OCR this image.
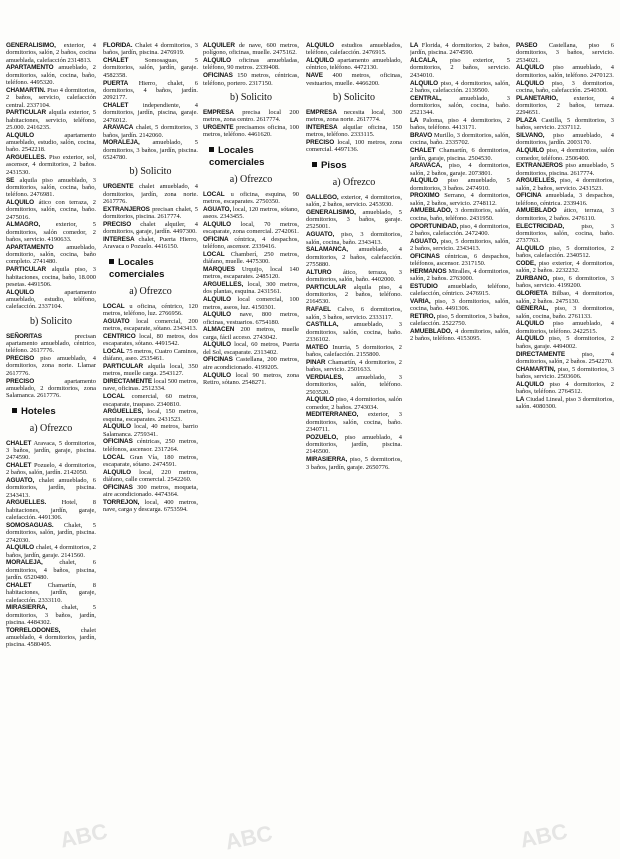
GENERALISIMO, exterior, 4 dormitorios, salón, 2 baños, cocina amueblada, calefacción 2314813.

APARTAMENTO amueblado, 2 dormitorios, salón, cocina, baño, teléfono. 4495320.

CHAMARTIN. Piso 4 dormitorios, 2 baños, servicio, calefacción central. 2337104.

PARTICULAR alquila exterior, 5 habitaciones, servicio, teléfono, 25.000. 2416235.

ALQUILO	apartamento amueblado, estudio, salón, cocina, baño. 2542218.

ARGUELLES. Piso exterior, sol, ascensor, 4 dormitorios, 2 baños. 2431530.

SE alquila piso amueblado, 3 dormitorios, salón, cocina, baño, teléfono. 2476981.

ALQUILO ático con terraza, 2 dormitorios, salón, cocina, baño. 2475016.

ALMAGRO, exterior, 5 dormitorios, salón comedor, 2 baños, servicio. 4190633.

APARTAMENTO amueblado, dormitorio, salón, cocina, baño completo. 2741480.

PARTICULAR alquila piso, 3 habitaciones, cocina, baño, 18.000 pesetas. 4491506.

ALQUILO	apartamento amueblado, estudio, teléfono, calefacción. 2337104.

b) Solicito

SEÑORITAS	precisan apartamento amueblado, céntrico, teléfono. 2617776.

PRECISO piso amueblado, 4 dormitorios, zona norte. Llamar 2617776.

PRECISO	apartamento amueblado, 2 dormitorios, zona Salamanca. 2617776.

Hoteles
a) Ofrezco

CHALET Aravaca, 5 dormitorios, 3 baños, jardín, garaje, piscina. 2474590.

CHALET Pozuelo, 4 dormitorios, 2 baños, salón, jardín. 2142050.

AGUATO, chalet amueblado, 6 dormitorios, jardín, piscina. 2343413.

ARGUELLES. Hotel, 8 habitaciones, jardín, garaje, calefacción. 4491306.

SOMOSAGUAS. Chalet, 5 dormitorios, salón, jardín, piscina. 2742030.

ALQUILO chalet, 4 dormitorios, 2 baños, jardín, garaje. 2141560.

MORALEJA,	chalet, 6 dormitorios, 4 baños, piscina, jardín. 6520480.

CHALET	Chamartín, 8 habitaciones, jardín, garaje, calefacción. 2333110.

MIRASIERRA, chalet, 5 dormitorios, 3 baños, jardín, piscina. 4484302.

TORRELODONES,	chalet amueblado, 4 dormitorios, jardín, piscina. 4580405.

FLORIDA. Chalet 4 dormitorios, 3 baños, jardín, piscina. 2476919.

CHALET	Somosaguas, 5 dormitorios, salón, jardín, garaje. 4582358.

PUERTA Hierro, chalet, 6 dormitorios, 4 baños, jardín. 2092177.

CHALET independiente, 4 dormitorios, jardín, piscina, garaje. 2476012.

ARAVACA chalet, 5 dormitorios, 3 baños, jardín. 2142060.

MORALEJA, amueblado, 5 dormitorios, 3 baños, jardín, piscina. 6524780.

b) Solicito

URGENTE chalet amueblado, 4 dormitorios, jardín, zona norte. 2617776.

EXTRANJEROS precisan chalet, 5 dormitorios, piscina. 2617774.

PRECISO chalet alquiler, 4 dormitorios, garaje, jardín. 4497300.

INTERESA chalet, Puerta Hierro, Aravaca o Pozuelo. 4416150.

Locales comerciales
a) Ofrezco

LOCAL u oficina, céntrico, 120 metros, teléfono, luz. 2766956.

AGUATO local comercial, 200 metros, escaparate, sótano. 2343413.

CENTRICO local, 80 metros, dos escaparates, sótano. 4491542.

LOCAL 75 metros, Cuatro Caminos, diáfano, aseo. 2535461.

PARTICULAR alquila local, 350 metros, muelle carga. 2543127.

DIRECTAMENTE local 500 metros, nave, oficinas. 2512334.

LOCAL comercial, 60 metros, escaparate, traspaso. 2340810.

ARGUELLES, local, 150 metros, esquina, escaparates. 2431523.

ALQUILO local, 40 metros, barrio Salamanca. 2759341.

OFICINAS céntricas, 250 metros, teléfonos, ascensor. 2317264.

LOCAL Gran Vía, 180 metros, escaparate, sótano. 2474591.

ALQUILO local, 220 metros, diáfano, calle comercial. 2542260.

OFICINAS 300 metros, moqueta, aire acondicionado. 4474364.

TORREJON, local, 400 metros, nave, carga y descarga. 6753594.

ALQUILER de nave, 600 metros, polígono, oficinas, muelle. 2475162.

ALQUILO oficinas amuebladas, teléfono, 90 metros. 2339408.

OFICINAS 150 metros, céntricas, teléfono, portero. 2317150.

b) Solicito

EMPRESA precisa local 200 metros, zona centro. 2617774.

URGENTE precisamos oficina, 100 metros, teléfono. 4461620.

Locales comerciales
a) Ofrezco

LOCAL u oficina, esquina, 90 metros, escaparates. 2750350.

AGUATO, local, 120 metros, sótano, aseos. 2343455.

ALQUILO local, 70 metros, escaparate, zona comercial. 2742061.

OFICINA céntrica, 4 despachos, teléfono, ascensor. 2339416.

LOCAL Chamberí, 250 metros, diáfano, muelle. 4475300.

MARQUES Urquijo, local 140 metros, escaparates. 2485120.

ARGUELLES, local, 300 metros, dos plantas, esquina. 2431561.

ALQUILO local comercial, 100 metros, aseos, luz. 4150301.

ALQUILO nave, 800 metros, oficinas, vestuarios. 6754180.

ALMACEN 200 metros, muelle carga, fácil acceso. 2743042.

ALQUILO local, 60 metros, Puerta del Sol, escaparate. 2313402.

OFICINAS Castellana, 200 metros, aire acondicionado. 4199205.

ALQUILO local 90 metros, zona Retiro, sótano. 2548271.

ALQUILO estudios amueblados, teléfono, calefacción. 2476915.

ALQUILO apartamento amueblado, céntrico, teléfono. 4472130.

NAVE 400 metros, oficinas, vestuarios, muelle. 4466200.

b) Solicito

EMPRESA necesita local, 300 metros, zona norte. 2617774.

INTERESA alquilar oficina, 150 metros, teléfono. 2333115.

PRECISO local, 100 metros, zona comercial. 4497136.

Pisos
a) Ofrezco

GALLEGO, exterior, 4 dormitorios, salón, 2 baños, servicio. 2453930.

GENERALISIMO, amueblado, 5 dormitorios, 3 baños, garaje. 2525001.

AGUATO, piso, 3 dormitorios, salón, cocina, baño. 2343413.

SALAMANCA, amueblado, 4 dormitorios, 2 baños, calefacción. 2755880.

ALTURO ático, terraza, 3 dormitorios, salón, baño. 4402000.

PARTICULAR alquila piso, 4 dormitorios, 2 baños, teléfono. 2164530.

RAFAEL Calvo, 6 dormitorios, salón, 3 baños, servicio. 2333117.

CASTILLA, amueblado, 3 dormitorios, salón, cocina, baño. 2336102.

MATEO Inurria, 5 dormitorios, 2 baños, calefacción. 2155800.

PINAR Chamartín, 4 dormitorios, 2 baños, servicio. 2501633.

VERDIALES, amueblado, 3 dormitorios, salón, teléfono. 2503520.

ALQUILO piso, 4 dormitorios, salón comedor, 2 baños. 2743034.

MEDITERRANEO, exterior, 3 dormitorios, salón, cocina, baño. 2340711.

POZUELO, piso amueblado, 4 dormitorios, jardín, piscina. 2146500.

MIRASIERRA, piso, 5 dormitorios, 3 baños, jardín, garaje. 2650776.

LA Florida, 4 dormitorios, 2 baños, jardín, piscina. 2474590.

ALCALA, piso exterior, 5 dormitorios, 2 baños, servicio. 2434010.

ALQUILO piso, 4 dormitorios, salón, 2 baños, calefacción. 2139500.

CENTRAL,	amueblado, 3 dormitorios, salón, cocina, baño. 2521344.

LA Paloma, piso 4 dormitorios, 2 baños, teléfono. 4413171.

BRAVO Murillo, 3 dormitorios, salón, cocina, baño. 2335702.

CHALET Chamartín, 6 dormitorios, jardín, garaje, piscina. 2504530.

ARAVACA, piso, 4 dormitorios, salón, 2 baños, garaje. 2073801.

ALQUILO piso amueblado, 5 dormitorios, 3 baños. 2474910.

PROXIMO Serrano, 4 dormitorios, salón, 2 baños, servicio. 2748112.

AMUEBLADO, 3 dormitorios, salón, cocina, baño, teléfono. 2431950.

OPORTUNIDAD, piso, 4 dormitorios, 2 baños, calefacción. 2472400.

AGUATO, piso, 5 dormitorios, salón, 2 baños, servicio. 2343413.

OFICINAS céntricas, 6 despachos, teléfonos, ascensor. 2317150.

HERMANOS Miralles, 4 dormitorios, salón, 2 baños. 2763000.

ESTUDIO amueblado, teléfono, calefacción, céntrico. 2476915.

VARIA, piso, 3 dormitorios, salón, cocina, baño. 4491306.

RETIRO, piso, 5 dormitorios, 3 baños, calefacción. 2522750.

AMUEBLADO, 4 dormitorios, salón, 2 baños, teléfono. 4153095.

PASEO Castellana, piso 6 dormitorios, 3 baños, servicio. 2534021.

ALQUILO piso amueblado, 4 dormitorios, salón, teléfono. 2470123.

ALQUILO piso, 3 dormitorios, cocina, baño, calefacción. 2540300.

PLANETARIO, exterior, 4 dormitorios, 2 baños, terraza. 2294651.

PLAZA Castilla, 5 dormitorios, 3 baños, servicio. 2337112.

SILVANO, piso amueblado, 4 dormitorios, jardín. 2003170.

ALQUILO piso, 4 dormitorios, salón comedor, teléfono. 2506400.

EXTRANJEROS piso amueblado, 5 dormitorios, piscina. 2617774.

ARGUELLES, piso, 4 dormitorios, salón, 2 baños, servicio. 2431523.

OFICINA amueblada, 3 despachos, teléfono, céntrica. 2339416.

AMUEBLADO ático, terraza, 3 dormitorios, 2 baños. 2476110.

ELECTRICIDAD,	piso, 3 dormitorios, salón, cocina, baño. 2737763.

ALQUILO piso, 5 dormitorios, 2 baños, calefacción. 2340512.

CODE, piso exterior, 4 dormitorios, salón, 2 baños. 2232232.

ZURBANO, piso, 6 dormitorios, 3 baños, servicio. 4199200.

GLORIETA Bilbao, 4 dormitorios, salón, 2 baños. 2475130.

GENERAL, piso, 3 dormitorios, salón, cocina, baño. 2761133.

ALQUILO piso amueblado, 4 dormitorios, teléfono. 2422515.

ALQUILO piso, 5 dormitorios, 2 baños, garaje. 4494002.

DIRECTAMENTE	piso, 4 dormitorios, salón, 2 baños. 2542270.

CHAMARTIN, piso, 5 dormitorios, 3 baños, servicio. 2503606.

ALQUILO piso 4 dormitorios, 2 baños, teléfono. 2764512.

LA Ciudad Lineal, piso 3 dormitorios, salón. 4080300.

ABC	ABC	ABC
